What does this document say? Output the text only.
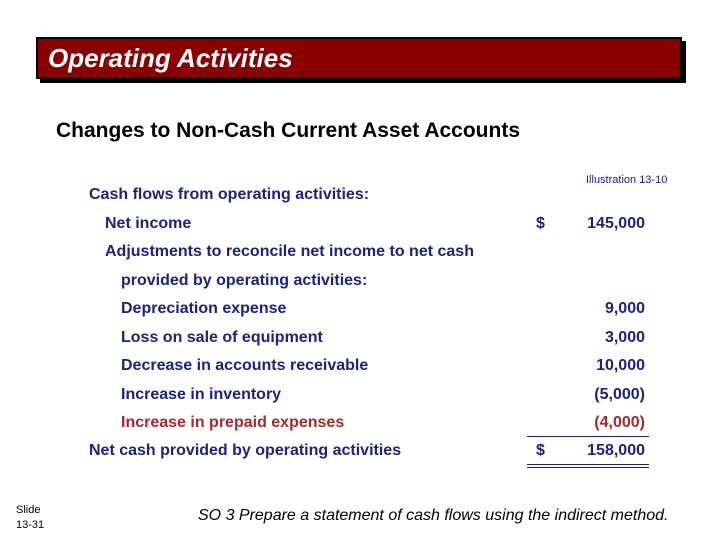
Operating Activities
Changes to Non-Cash Current Asset Accounts
Illustration 13-10
Cash flows from operating activities:
Net income	$	145,000
Adjustments to reconcile net income to net cash
provided by operating activities:
Depreciation expense	9,000
Loss on sale of equipment	3,000
Decrease in accounts receivable	10,000
Increase in inventory	(5,000)
Increase in prepaid expenses	(4,000)
Net cash provided by operating activities	$	158,000
Slide
13-31
SO 3 Prepare a statement of cash flows using the indirect method.
